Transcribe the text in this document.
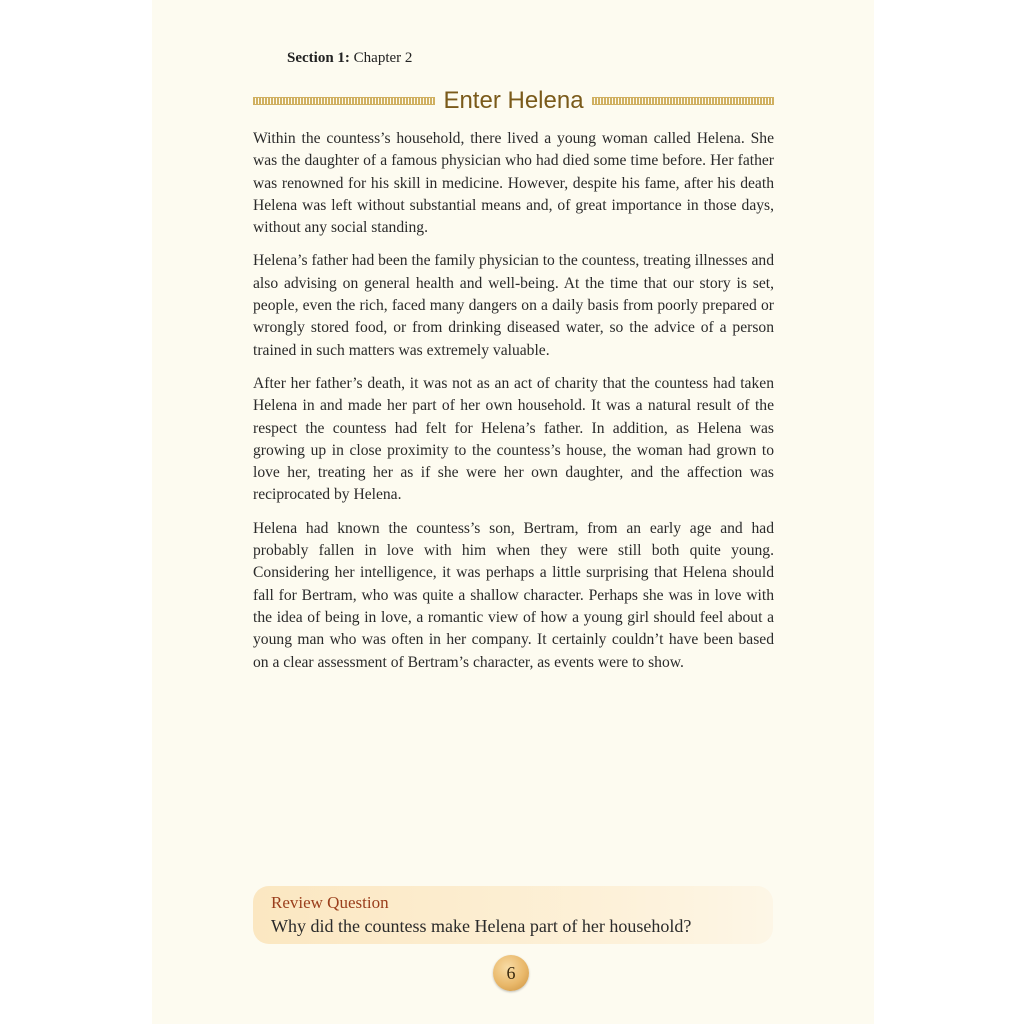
Section 1: Chapter 2
Enter Helena

Within the countess’s household, there lived a young woman called Helena. She was the daughter of a famous physician who had died some time before. Her father was renowned for his skill in medicine. However, despite his fame, after his death Helena was left without substantial means and, of great importance in those days, without any social standing.

Helena’s father had been the family physician to the countess, treating illnesses and also advising on general health and well-being. At the time that our story is set, people, even the rich, faced many dangers on a daily basis from poorly prepared or wrongly stored food, or from drinking diseased water, so the advice of a person trained in such matters was extremely valuable.

After her father’s death, it was not as an act of charity that the countess had taken Helena in and made her part of her own household. It was a natural result of the respect the countess had felt for Helena’s father. In addition, as Helena was growing up in close proximity to the countess’s house, the woman had grown to love her, treating her as if she were her own daughter, and the affection was reciprocated by Helena.

Helena had known the countess’s son, Bertram, from an early age and had probably fallen in love with him when they were still both quite young. Considering her intelligence, it was perhaps a little surprising that Helena should fall for Bertram, who was quite a shallow character. Perhaps she was in love with the idea of being in love, a romantic view of how a young girl should feel about a young man who was often in her company. It certainly couldn’t have been based on a clear assessment of Bertram’s character, as events were to show.

Review Question
Why did the countess make Helena part of her household?
6
